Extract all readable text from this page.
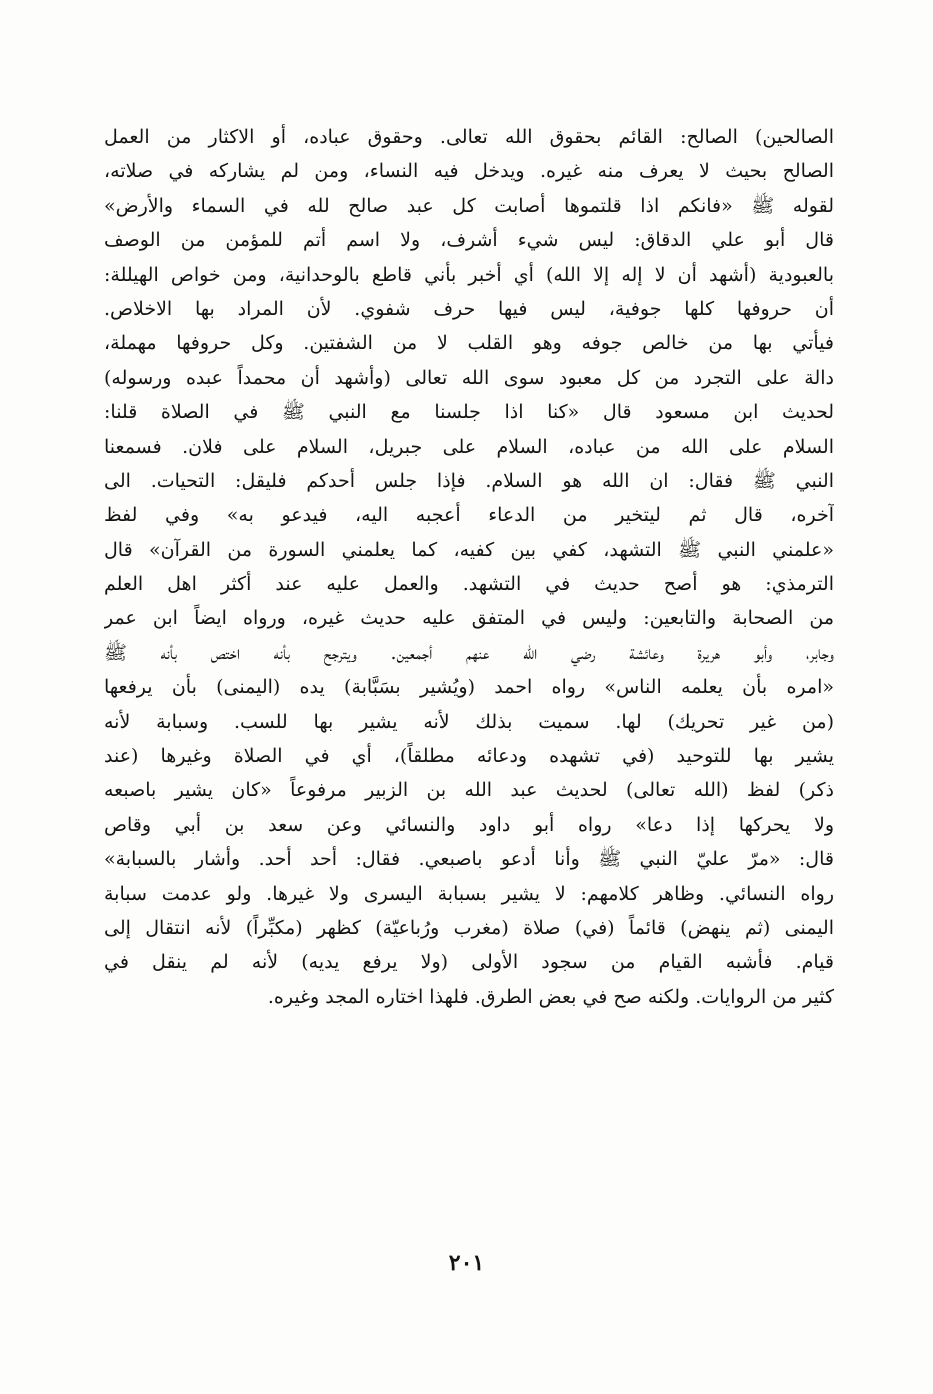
الصالحين) الصالح: القائم بحقوق الله تعالى. وحقوق عباده، أو الاكثار من العمل
الصالح بحيث لا يعرف منه غيره. ويدخل فيه النساء، ومن لم يشاركه في صلاته،
لقوله ﷺ «فانكم اذا قلتموها أصابت كل عبد صالح لله في السماء والأرض»
قال أبو علي الدقاق: ليس شيء أشرف، ولا اسم أتم للمؤمن من الوصف
بالعبودية (أشهد أن لا إله إلا الله) أي أخبر بأني قاطع بالوحدانية، ومن خواص الهيللة:
أن حروفها كلها جوفية، ليس فيها حرف شفوي. لأن المراد بها الاخلاص.
فيأتي بها من خالص جوفه وهو القلب لا من الشفتين. وكل حروفها مهملة،
دالة على التجرد من كل معبود سوى الله تعالى (وأشهد أن محمداً عبده ورسوله)
لحديث ابن مسعود قال «كنا اذا جلسنا مع النبي ﷺ في الصلاة قلنا:
السلام على الله من عباده، السلام على جبريل، السلام على فلان. فسمعنا
النبي ﷺ فقال: ان الله هو السلام. فإذا جلس أحدكم فليقل: التحيات. الى
آخره، قال ثم ليتخير من الدعاء أعجبه اليه، فيدعو به» وفي لفظ
«علمني النبي ﷺ التشهد، كفي بين كفيه، كما يعلمني السورة من القرآن» قال
الترمذي: هو أصح حديث في التشهد. والعمل عليه عند أكثر اهل العلم
من الصحابة والتابعين: وليس في المتفق عليه حديث غيره، ورواه ايضاً ابن عمر
وجابر، وأبو هريرة وعائشة رضي الله عنهم أجمعين. ويترجح بأنه اختص بأنه ﷺ
«امره بأن يعلمه الناس» رواه احمد (ويُشير بسَبَّابة) يده (اليمنى) بأن يرفعها
(من غير تحريك) لها. سميت بذلك لأنه يشير بها للسب. وسبابة لأنه
يشير بها للتوحيد (في تشهده ودعائه مطلقاً)، أي في الصلاة وغيرها (عند
ذكر) لفظ (الله تعالى) لحديث عبد الله بن الزبير مرفوعاً «كان يشير باصبعه
ولا يحركها إذا دعا» رواه أبو داود والنسائي وعن سعد بن أبي وقاص
قال: «مرّ عليّ النبي ﷺ وأنا أدعو باصبعي. فقال: أحد أحد. وأشار بالسبابة»
رواه النسائي. وظاهر كلامهم: لا يشير بسبابة اليسرى ولا غيرها. ولو عدمت سبابة
اليمنى (ثم ينهض) قائماً (في) صلاة (مغرب ورُباعيّة) كظهر (مكبِّراً) لأنه انتقال إلى
قيام. فأشبه القيام من سجود الأولى (ولا يرفع يديه) لأنه لم ينقل في
كثير من الروايات. ولكنه صح في بعض الطرق. فلهذا اختاره المجد وغيره.
٢٠١
